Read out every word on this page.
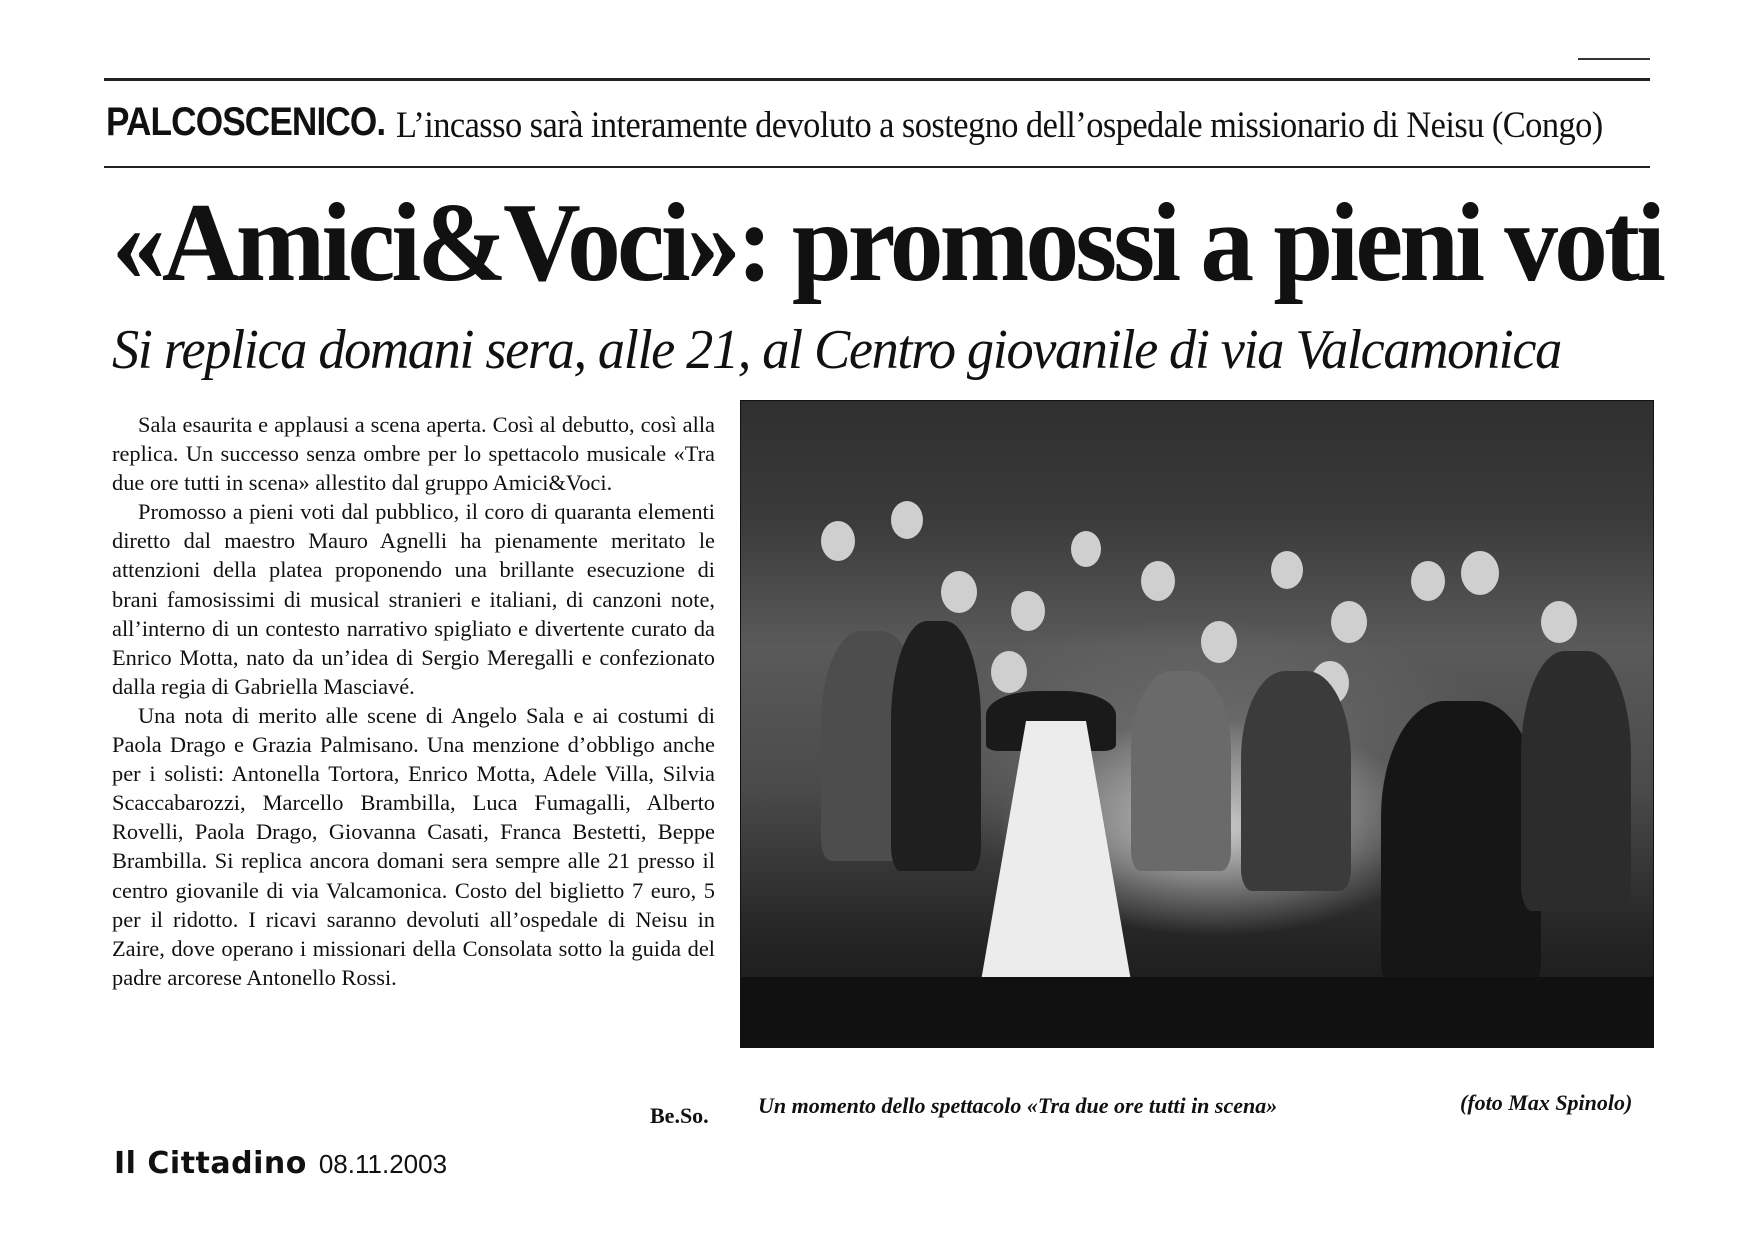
PALCOSCENICO. L’incasso sarà interamente devoluto a sostegno dell’ospedale missionario di Neisu (Congo)
«Amici&Voci»: promossi a pieni voti
Si replica domani sera, alle 21, al Centro giovanile di via Valcamonica

Sala esaurita e applausi a scena aperta. Così al debutto, così alla replica. Un successo senza ombre per lo spettacolo musicale «Tra due ore tutti in scena» allestito dal gruppo Amici&Voci.

Promosso a pieni voti dal pubblico, il coro di quaranta elementi diretto dal maestro Mauro Agnelli ha pienamente meritato le attenzioni della platea proponendo una brillante esecuzione di brani famosissimi di musical stranieri e italiani, di canzoni note, all’interno di un contesto narrativo spigliato e divertente curato da Enrico Motta, nato da un’idea di Sergio Meregalli e confezionato dalla regia di Gabriella Masciavé.

Una nota di merito alle scene di Angelo Sala e ai costumi di Paola Drago e Grazia Palmisano. Una menzione d’obbligo anche per i solisti: Antonella Tortora, Enrico Motta, Adele Villa, Silvia Scaccabarozzi, Marcello Brambilla, Luca Fumagalli, Alberto Rovelli, Paola Drago, Giovanna Casati, Franca Bestetti, Beppe Brambilla. Si replica ancora domani sera sempre alle 21 presso il centro giovanile di via Valcamonica. Costo del biglietto 7 euro, 5 per il ridotto. I ricavi saranno devoluti all’ospedale di Neisu in Zaire, dove operano i missionari della Consolata sotto la guida del padre arcorese Antonello Rossi.

Be.So. Un momento dello spettacolo «Tra due ore tutti in scena»	(foto Max Spinolo)
Il Cittadino 08.11.2003
